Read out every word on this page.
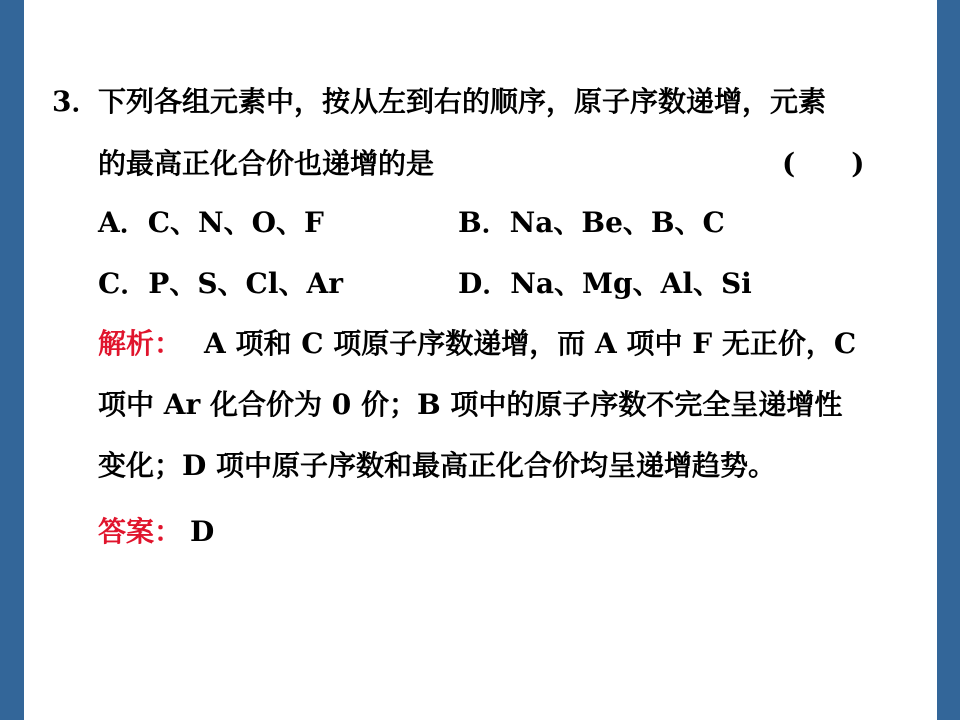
3．
下列各组元素中，按从左到右的顺序，原子序数递增，元素
的最高正化合价也递增的是	(　　)
A．C、N、O、F	B．Na、Be、B、C
C．P、S、Cl、Ar	D．Na、Mg、Al、Si
解析： A 项和 C 项原子序数递增，而 A 项中 F 无正价，C
项中 Ar 化合价为 0 价；B 项中的原子序数不完全呈递增性
变化；D 项中原子序数和最高正化合价均呈递增趋势。
答案： D
